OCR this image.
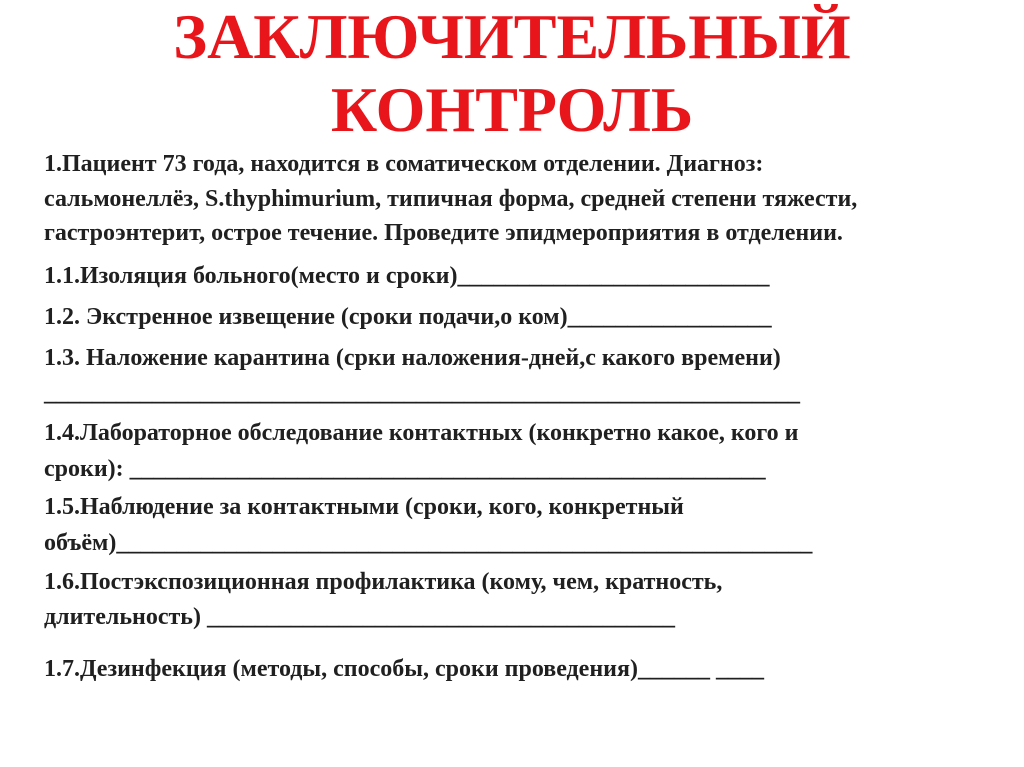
ЗАКЛЮЧИТЕЛЬНЫЙ
КОНТРОЛЬ

1.Пациент 73 года, находится в соматическом отделении. Диагноз:

сальмонеллёз, S.thyphimurium, типичная форма, средней степени тяжести,

гастроэнтерит, острое течение. Проведите эпидмероприятия в отделении.

1.1.Изоляция больного(место и сроки)__________________________

1.2. Экстренное извещение (сроки подачи,о ком)_________________

1.3. Наложение карантина (срки наложения-дней,с какого времени)

_______________________________________________________________

1.4.Лабораторное обследование контактных (конкретно какое, кого и

сроки): _____________________________________________________

1.5.Наблюдение за контактными (сроки, кого, конкретный

объём)__________________________________________________________

1.6.Постэкспозиционная профилактика (кому, чем, кратность,

длительность) _______________________________________

1.7.Дезинфекция (методы, способы, сроки проведения)______ ____
